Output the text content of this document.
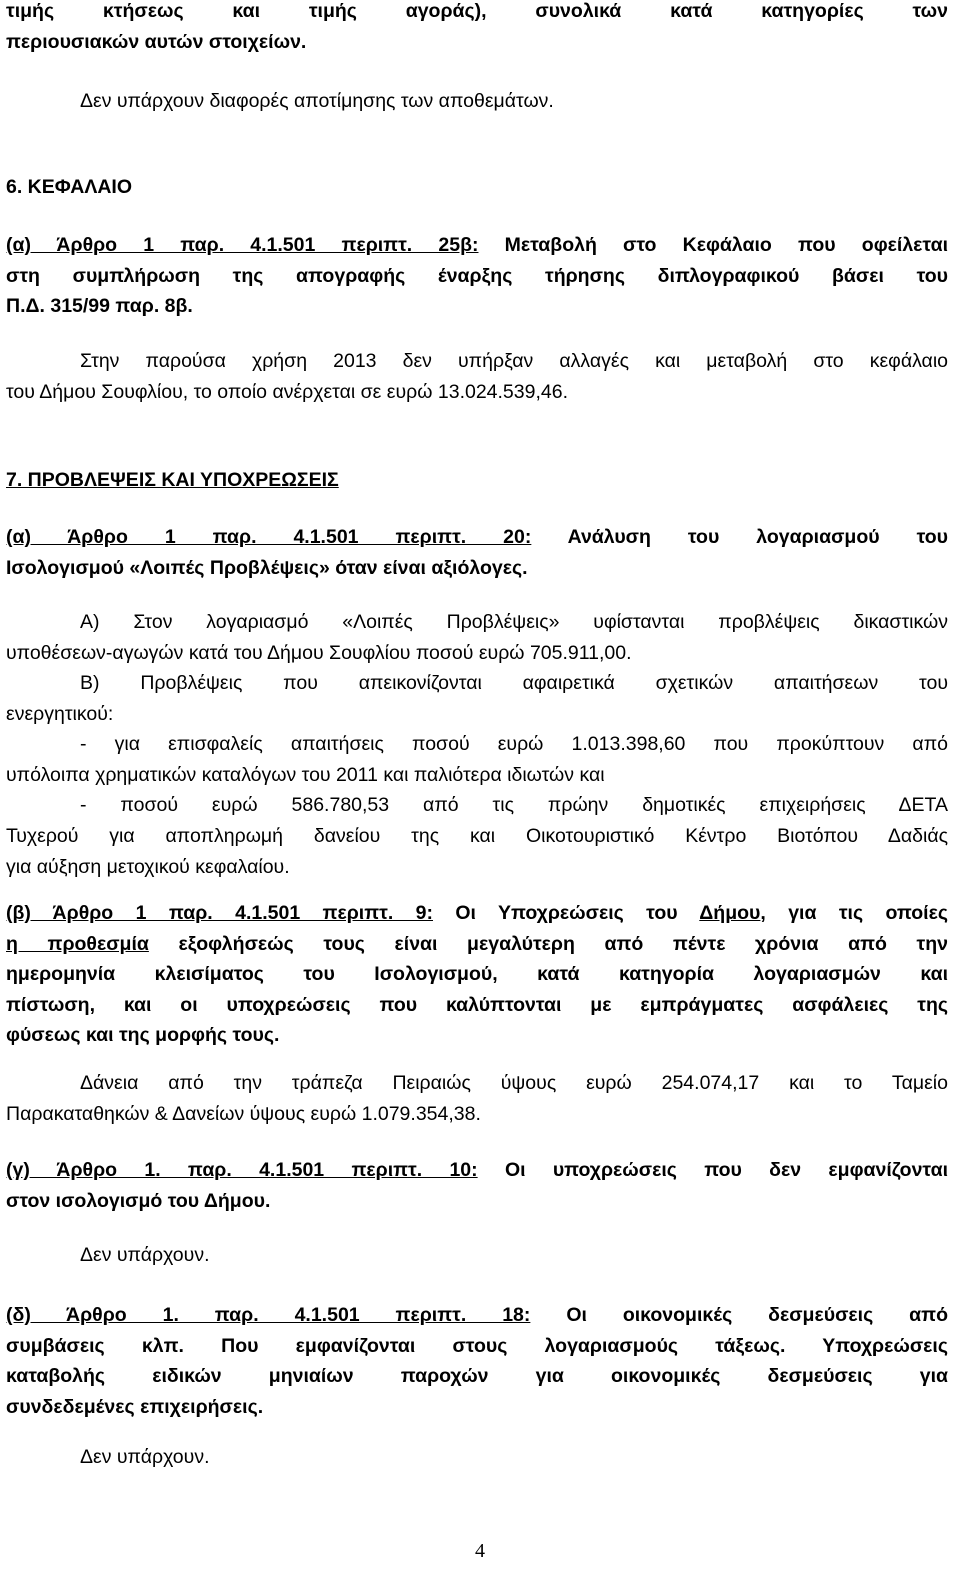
τιμής κτήσεως και τιμής αγοράς), συνολικά κατά κατηγορίες των
περιουσιακών αυτών στοιχείων.
Δεν υπάρχουν διαφορές αποτίμησης των αποθεμάτων.
6. ΚΕΦΑΛΑΙΟ
(α) Άρθρο 1 παρ. 4.1.501 περιπτ. 25β: Μεταβολή στο Κεφάλαιο που οφείλεται
στη συμπλήρωση της απογραφής έναρξης τήρησης διπλογραφικού βάσει του
Π.Δ. 315/99 παρ. 8β.
Στην παρούσα χρήση 2013 δεν υπήρξαν αλλαγές και μεταβολή στο κεφάλαιο
του Δήμου Σουφλίου, το οποίο ανέρχεται σε ευρώ 13.024.539,46.
7. ΠΡΟΒΛΕΨΕΙΣ ΚΑΙ ΥΠΟΧΡΕΩΣΕΙΣ
(α) Άρθρο 1 παρ. 4.1.501 περιπτ. 20: Ανάλυση του λογαριασμού του
Ισολογισμού «Λοιπές Προβλέψεις» όταν είναι αξιόλογες.
Α) Στον λογαριασμό «Λοιπές Προβλέψεις» υφίστανται προβλέψεις δικαστικών
υποθέσεων-αγωγών κατά του Δήμου Σουφλίου ποσού ευρώ 705.911,00.
Β) Προβλέψεις που απεικονίζονται αφαιρετικά σχετικών απαιτήσεων του
ενεργητικού:
- για επισφαλείς απαιτήσεις ποσού ευρώ 1.013.398,60 που προκύπτουν από
υπόλοιπα χρηματικών καταλόγων του 2011 και παλιότερα ιδιωτών και
- ποσού ευρώ 586.780,53 από τις πρώην δημοτικές επιχειρήσεις ΔΕΤΑ
Τυχερού για αποπληρωμή δανείου της και Οικοτουριστικό Κέντρο Βιοτόπου Δαδιάς
για αύξηση μετοχικού κεφαλαίου.
(β) Άρθρο 1 παρ. 4.1.501 περιπτ. 9: Οι Υποχρεώσεις του Δήμου, για τις οποίες
η προθεσμία εξοφλήσεώς τους είναι μεγαλύτερη από πέντε χρόνια από την
ημερομηνία κλεισίματος του Ισολογισμού, κατά κατηγορία λογαριασμών και
πίστωση, και οι υποχρεώσεις που καλύπτονται με εμπράγματες ασφάλειες της
φύσεως και της μορφής τους.
Δάνεια από την τράπεζα Πειραιώς ύψους ευρώ 254.074,17 και το Ταμείο
Παρακαταθηκών & Δανείων ύψους ευρώ 1.079.354,38.
(γ) Άρθρο 1. παρ. 4.1.501 περιπτ. 10: Οι υποχρεώσεις που δεν εμφανίζονται
στον ισολογισμό του Δήμου.
Δεν υπάρχουν.
(δ) Άρθρο 1. παρ. 4.1.501 περιπτ. 18: Οι οικονομικές δεσμεύσεις από
συμβάσεις κλπ. Που εμφανίζονται στους λογαριασμούς τάξεως. Υποχρεώσεις
καταβολής ειδικών μηνιαίων παροχών για οικονομικές δεσμεύσεις για
συνδεδεμένες επιχειρήσεις.
Δεν υπάρχουν.
4
